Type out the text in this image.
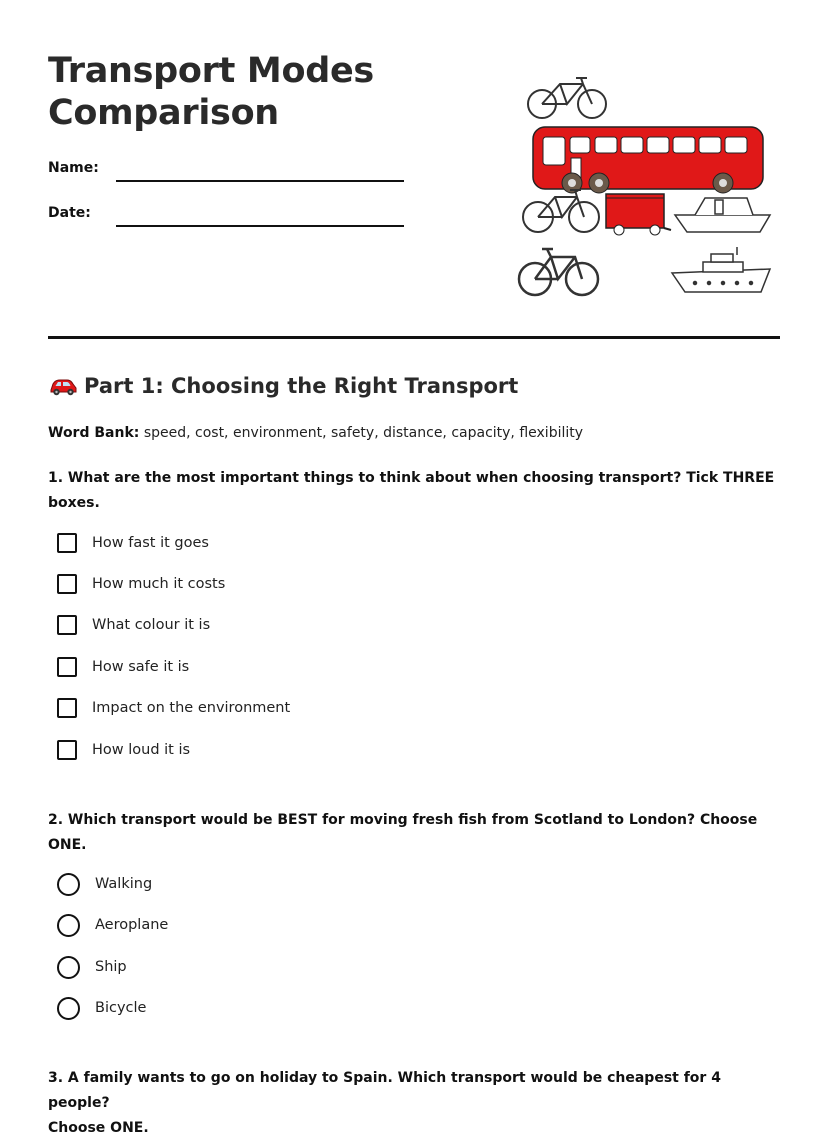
Transport Modes
Comparison
Name:
Date:
Part 1: Choosing the Right Transport
Word Bank: speed, cost, environment, safety, distance, capacity, flexibility
1. What are the most important things to think about when choosing transport? Tick THREE boxes.
How fast it goes
How much it costs
What colour it is
How safe it is
Impact on the environment
How loud it is
2. Which transport would be BEST for moving fresh fish from Scotland to London? Choose ONE.
Walking
Aeroplane
Ship
Bicycle
3. A family wants to go on holiday to Spain. Which transport would be cheapest for 4 people?
Choose ONE.
